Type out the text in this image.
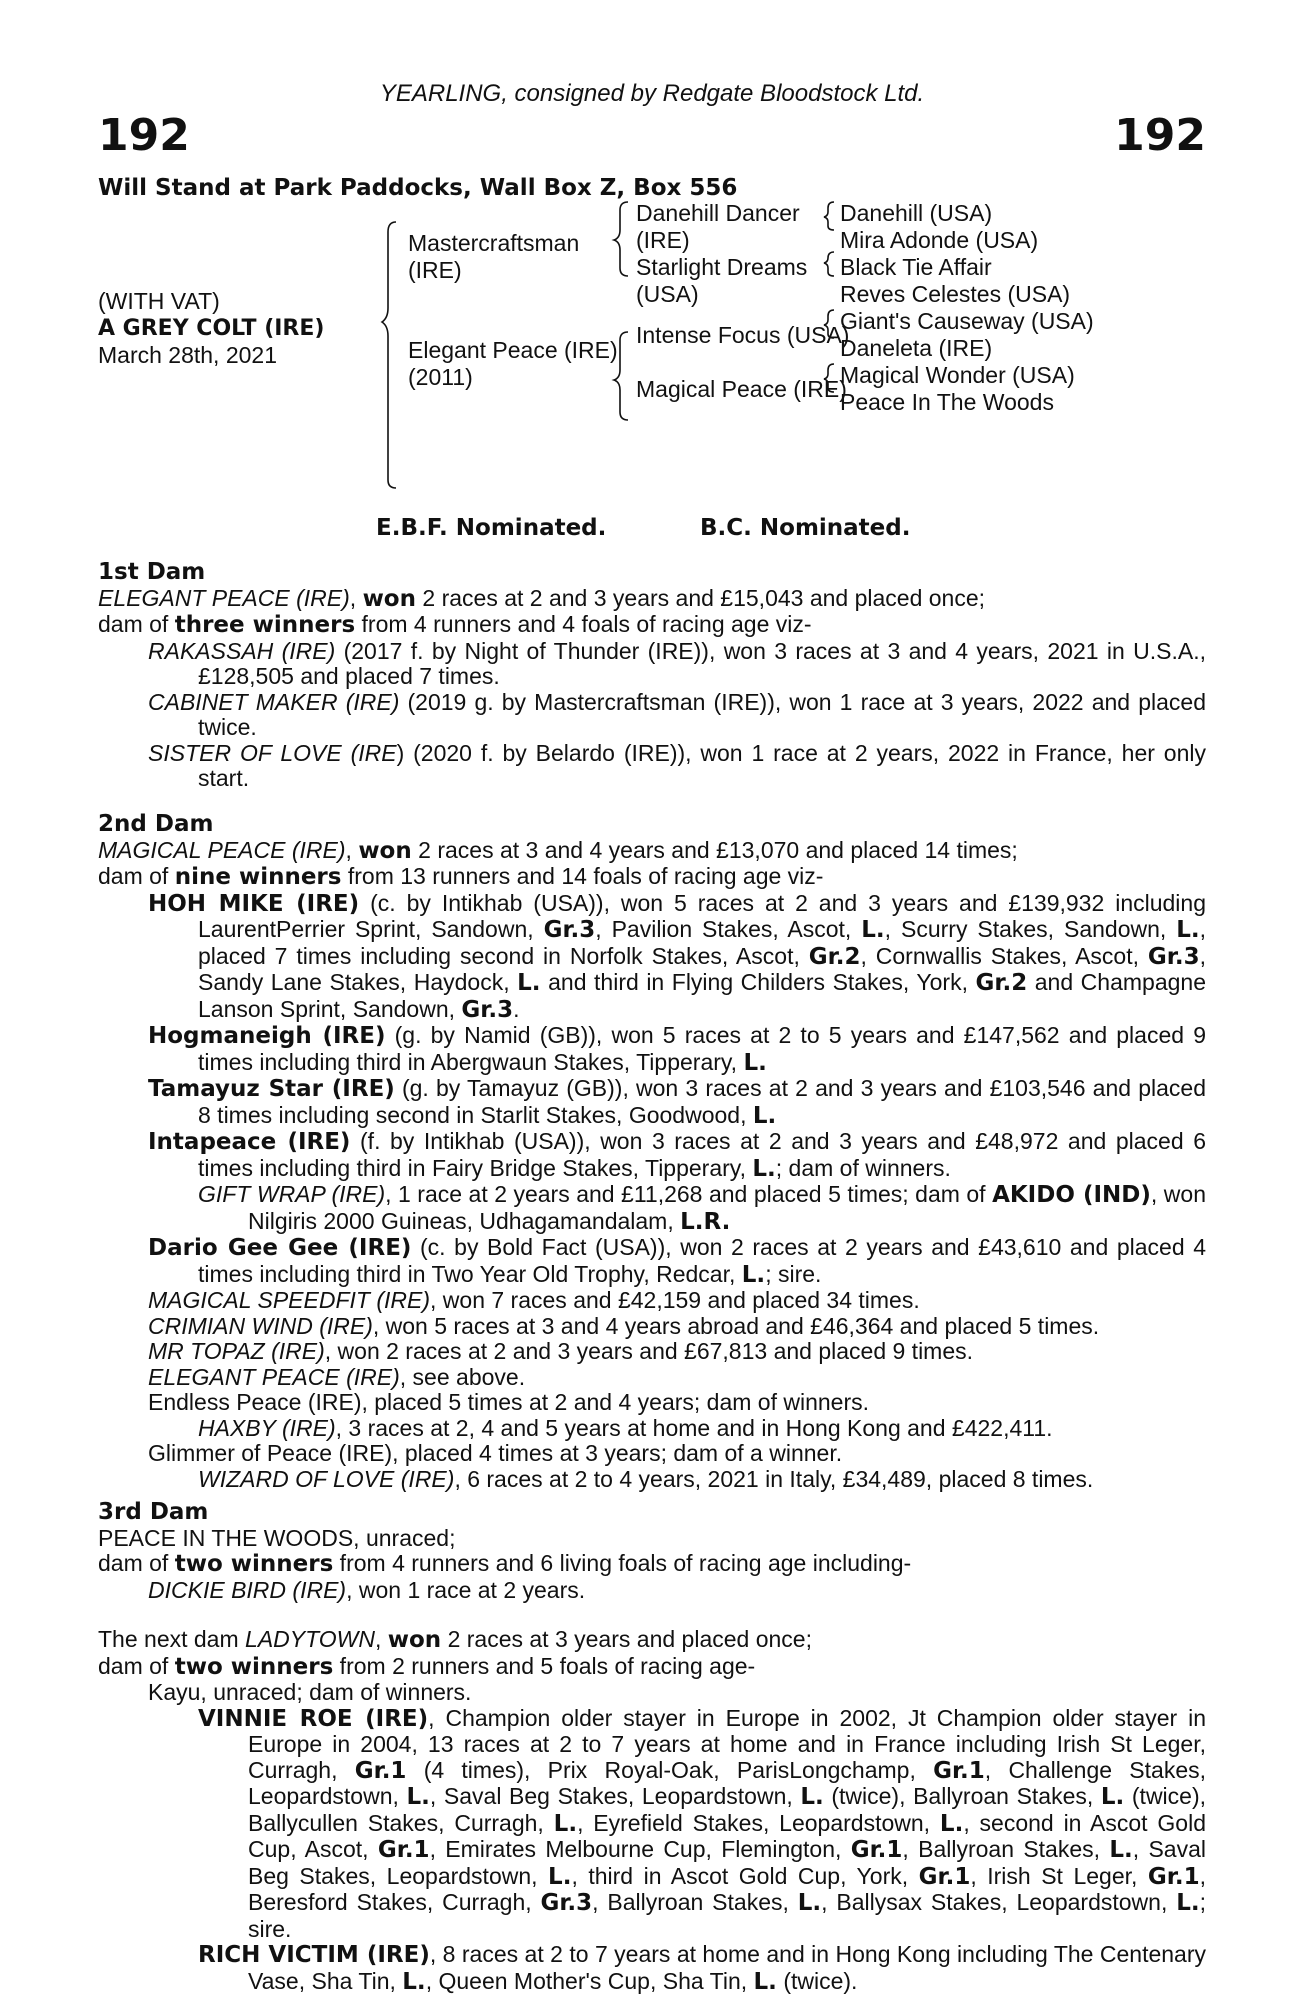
YEARLING, consigned by Redgate Bloodstock Ltd.
192	192
Will Stand at Park Paddocks, Wall Box Z, Box 556
(WITH VAT)
A GREY COLT (IRE)
March 28th, 2021
Mastercraftsman
(IRE)
Elegant Peace (IRE)
(2011)
Danehill Dancer
(IRE)
Starlight Dreams
(USA)
Intense Focus (USA)
Magical Peace (IRE)
Danehill (USA)
Mira Adonde (USA)
Black Tie Affair
Reves Celestes (USA)
Giant's Causeway (USA)
Daneleta (IRE)
Magical Wonder (USA)
Peace In The Woods
E.B.F. Nominated.	B.C. Nominated.

1st Dam

ELEGANT PEACE (IRE), won 2 races at 2 and 3 years and £15,043 and placed once;

dam of three winners from 4 runners and 4 foals of racing age viz-

RAKASSAH (IRE) (2017 f. by Night of Thunder (IRE)), won 3 races at 3 and 4 years, 2021 in U.S.A., £128,505 and placed 7 times.

CABINET MAKER (IRE) (2019 g. by Mastercraftsman (IRE)), won 1 race at 3 years, 2022 and placed twice.

SISTER OF LOVE (IRE) (2020 f. by Belardo (IRE)), won 1 race at 2 years, 2022 in France, her only start.

2nd Dam

MAGICAL PEACE (IRE), won 2 races at 3 and 4 years and £13,070 and placed 14 times;

dam of nine winners from 13 runners and 14 foals of racing age viz-

HOH MIKE (IRE) (c. by Intikhab (USA)), won 5 races at 2 and 3 years and £139,932 including LaurentPerrier Sprint, Sandown, Gr.3, Pavilion Stakes, Ascot, L., Scurry Stakes, Sandown, L., placed 7 times including second in Norfolk Stakes, Ascot, Gr.2, Cornwallis Stakes, Ascot, Gr.3, Sandy Lane Stakes, Haydock, L. and third in Flying Childers Stakes, York, Gr.2 and Champagne Lanson Sprint, Sandown, Gr.3.

Hogmaneigh (IRE) (g. by Namid (GB)), won 5 races at 2 to 5 years and £147,562 and placed 9 times including third in Abergwaun Stakes, Tipperary, L.

Tamayuz Star (IRE) (g. by Tamayuz (GB)), won 3 races at 2 and 3 years and £103,546 and placed 8 times including second in Starlit Stakes, Goodwood, L.

Intapeace (IRE) (f. by Intikhab (USA)), won 3 races at 2 and 3 years and £48,972 and placed 6 times including third in Fairy Bridge Stakes, Tipperary, L.; dam of winners.

GIFT WRAP (IRE), 1 race at 2 years and £11,268 and placed 5 times; dam of AKIDO (IND), won Nilgiris 2000 Guineas, Udhagamandalam, L.R.

Dario Gee Gee (IRE) (c. by Bold Fact (USA)), won 2 races at 2 years and £43,610 and placed 4 times including third in Two Year Old Trophy, Redcar, L.; sire.

MAGICAL SPEEDFIT (IRE), won 7 races and £42,159 and placed 34 times.

CRIMIAN WIND (IRE), won 5 races at 3 and 4 years abroad and £46,364 and placed 5 times.

MR TOPAZ (IRE), won 2 races at 2 and 3 years and £67,813 and placed 9 times.

ELEGANT PEACE (IRE), see above.

Endless Peace (IRE), placed 5 times at 2 and 4 years; dam of winners.

HAXBY (IRE), 3 races at 2, 4 and 5 years at home and in Hong Kong and £422,411.

Glimmer of Peace (IRE), placed 4 times at 3 years; dam of a winner.

WIZARD OF LOVE (IRE), 6 races at 2 to 4 years, 2021 in Italy, £34,489, placed 8 times.

3rd Dam

PEACE IN THE WOODS, unraced;

dam of two winners from 4 runners and 6 living foals of racing age including-

DICKIE BIRD (IRE), won 1 race at 2 years.

The next dam LADYTOWN, won 2 races at 3 years and placed once;

dam of two winners from 2 runners and 5 foals of racing age-

Kayu, unraced; dam of winners.

VINNIE ROE (IRE), Champion older stayer in Europe in 2002, Jt Champion older stayer in Europe in 2004, 13 races at 2 to 7 years at home and in France including Irish St Leger, Curragh, Gr.1 (4 times), Prix Royal-Oak, ParisLongchamp, Gr.1, Challenge Stakes, Leopardstown, L., Saval Beg Stakes, Leopardstown, L. (twice), Ballyroan Stakes, L. (twice), Ballycullen Stakes, Curragh, L., Eyrefield Stakes, Leopardstown, L., second in Ascot Gold Cup, Ascot, Gr.1, Emirates Melbourne Cup, Flemington, Gr.1, Ballyroan Stakes, L., Saval Beg Stakes, Leopardstown, L., third in Ascot Gold Cup, York, Gr.1, Irish St Leger, Gr.1, Beresford Stakes, Curragh, Gr.3, Ballyroan Stakes, L., Ballysax Stakes, Leopardstown, L.; sire.

RICH VICTIM (IRE), 8 races at 2 to 7 years at home and in Hong Kong including The Centenary Vase, Sha Tin, L., Queen Mother's Cup, Sha Tin, L. (twice).
